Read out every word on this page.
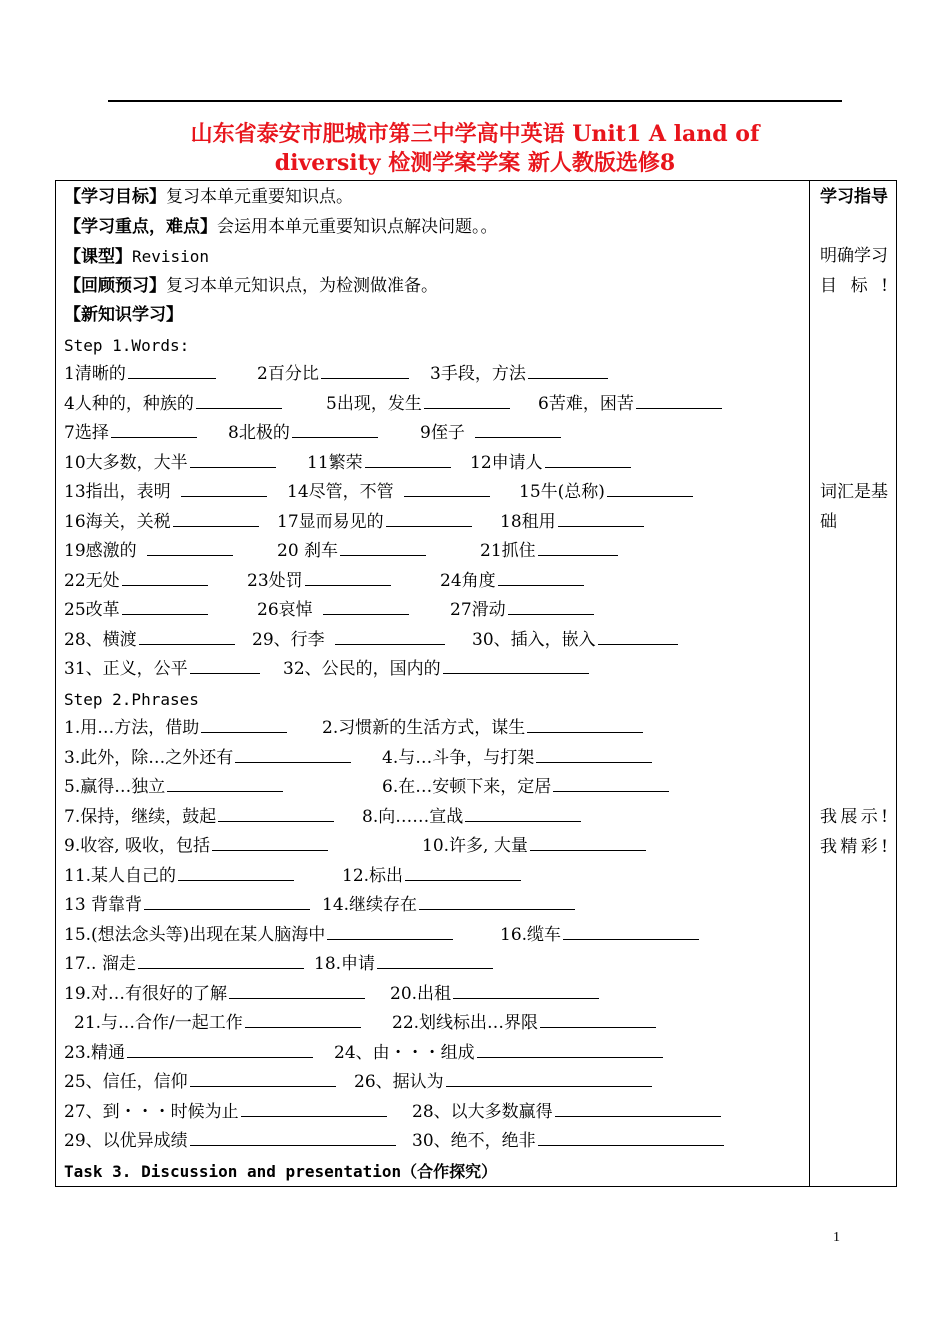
山东省泰安市肥城市第三中学高中英语 Unit1 A land of
diversity 检测学案学案 新人教版选修8
【学习目标】复习本单元重要知识点。
【学习重点，难点】会运用本单元重要知识点解决问题。。
【课型】Revision
【回顾预习】复习本单元知识点，为检测做准备。
【新知识学习】
Step 1.Words:
1清晰的	2百分比	3手段，方法
4人种的，种族的	5出现，发生	6苦难，困苦
7选择	8北极的	9侄子
10大多数，大半	11繁荣	12申请人
13指出，表明	14尽管，不管	15牛(总称)
16海关，关税	17显而易见的	18租用
19感激的	20 刹车	21抓住
22无处	23处罚	24角度
25改革	26哀悼	27滑动
28、横渡	29、行李	30、插入，嵌入
31、正义，公平	32、公民的，国内的
Step 2.Phrases
1.用…方法，借助	2.习惯新的生活方式，谋生
3.此外，除…之外还有	4.与…斗争，与打架
5.赢得…独立	6.在…安顿下来，定居
7.保持，继续，鼓起	8.向……宣战
9.收容, 吸收，包括	10.许多, 大量
11.某人自己的	12.标出
13 背靠背	14.继续存在
15.(想法念头等)出现在某人脑海中	16.缆车
17.. 溜走	18.申请
19.对…有很好的了解	20.出租
21.与…合作/一起工作	22.划线标出…界限
23.精通	24、由・・・组成
25、信任，信仰	26、据认为
27、到・・・时候为止	28、以大多数赢得
29、以优异成绩	30、绝不，绝非
Task 3. Discussion and presentation（合作探究）
学习指导
明确学习目标!
词汇是基础
我展示! 我精彩!
1
